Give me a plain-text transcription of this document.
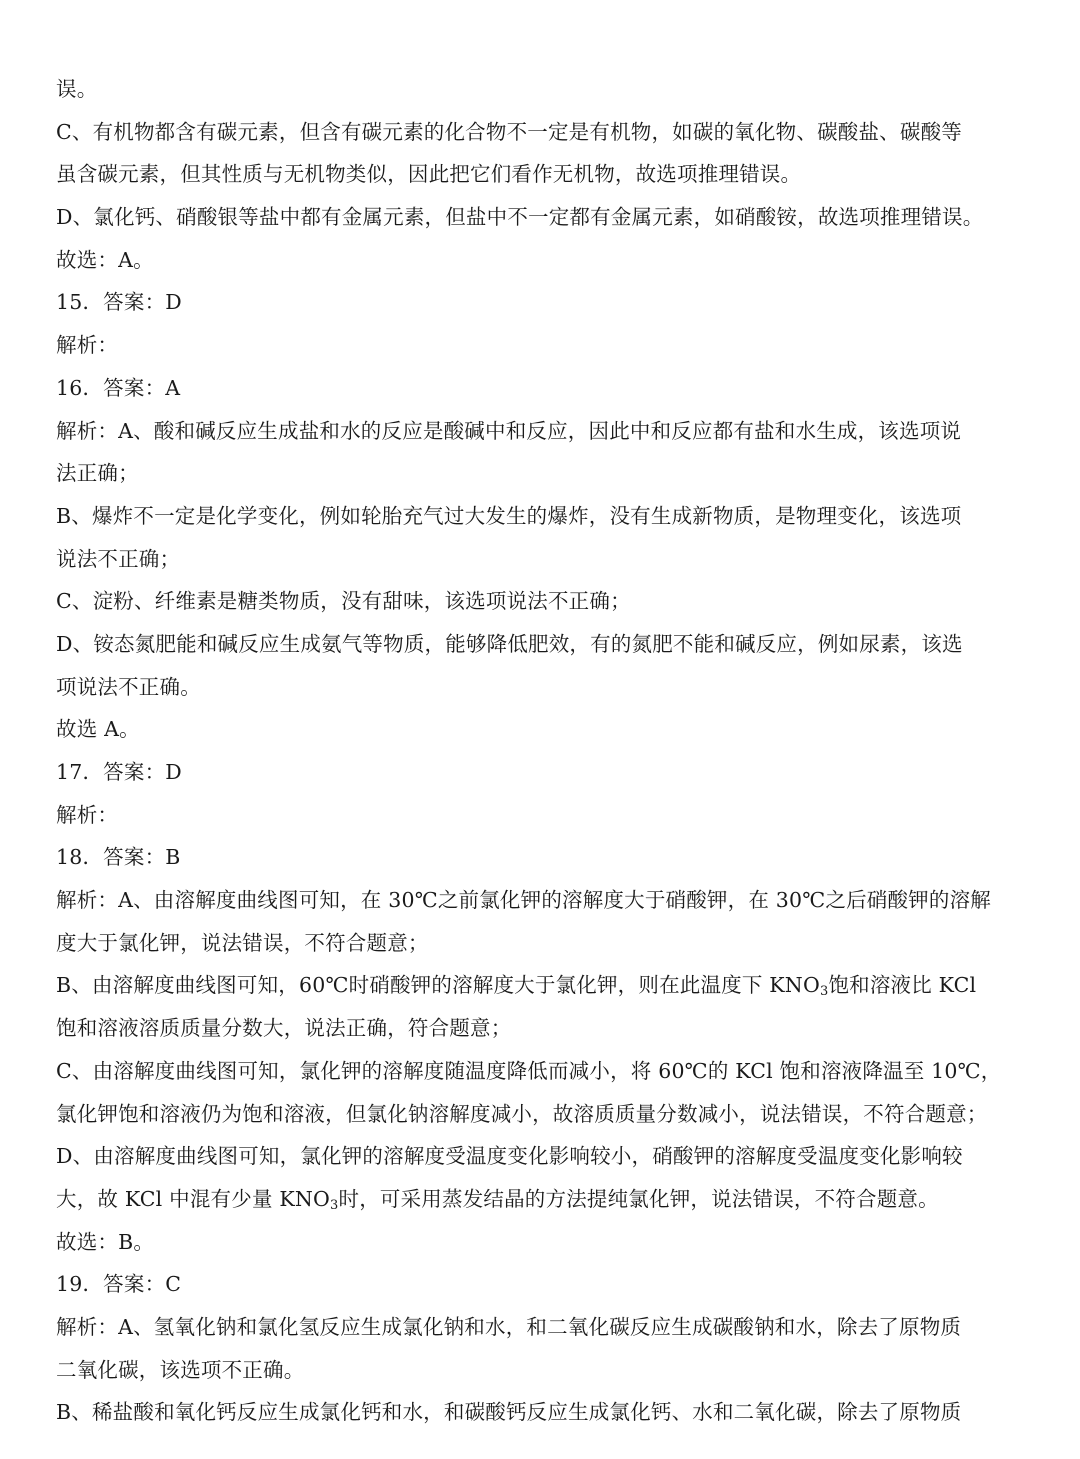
误。
C、有机物都含有碳元素，但含有碳元素的化合物不一定是有机物，如碳的氧化物、碳酸盐、碳酸等
虽含碳元素，但其性质与无机物类似，因此把它们看作无机物，故选项推理错误。
D、氯化钙、硝酸银等盐中都有金属元素，但盐中不一定都有金属元素，如硝酸铵，故选项推理错误。
故选：A。
15．答案：D
解析：
16．答案：A
解析：A、酸和碱反应生成盐和水的反应是酸碱中和反应，因此中和反应都有盐和水生成，该选项说
法正确；
B、爆炸不一定是化学变化，例如轮胎充气过大发生的爆炸，没有生成新物质，是物理变化，该选项
说法不正确；
C、淀粉、纤维素是糖类物质，没有甜味，该选项说法不正确；
D、铵态氮肥能和碱反应生成氨气等物质，能够降低肥效，有的氮肥不能和碱反应，例如尿素，该选
项说法不正确。
故选 A。
17．答案：D
解析：
18．答案：B
解析：A、由溶解度曲线图可知，在 30℃之前氯化钾的溶解度大于硝酸钾，在 30℃之后硝酸钾的溶解
度大于氯化钾，说法错误，不符合题意；
B、由溶解度曲线图可知，60℃时硝酸钾的溶解度大于氯化钾，则在此温度下 $KNO_3$饱和溶液比 KCl
饱和溶液溶质质量分数大，说法正确，符合题意；
C、由溶解度曲线图可知，氯化钾的溶解度随温度降低而减小，将 60℃的 KCl 饱和溶液降温至 10℃，
氯化钾饱和溶液仍为饱和溶液，但氯化钠溶解度减小，故溶质质量分数减小，说法错误，不符合题意；
D、由溶解度曲线图可知，氯化钾的溶解度受温度变化影响较小，硝酸钾的溶解度受温度变化影响较
大，故 KCl 中混有少量 $KNO_3$时，可采用蒸发结晶的方法提纯氯化钾，说法错误，不符合题意。
故选：B。
19．答案：C
解析：A、氢氧化钠和氯化氢反应生成氯化钠和水，和二氧化碳反应生成碳酸钠和水，除去了原物质
二氧化碳，该选项不正确。
B、稀盐酸和氧化钙反应生成氯化钙和水，和碳酸钙反应生成氯化钙、水和二氧化碳，除去了原物质
